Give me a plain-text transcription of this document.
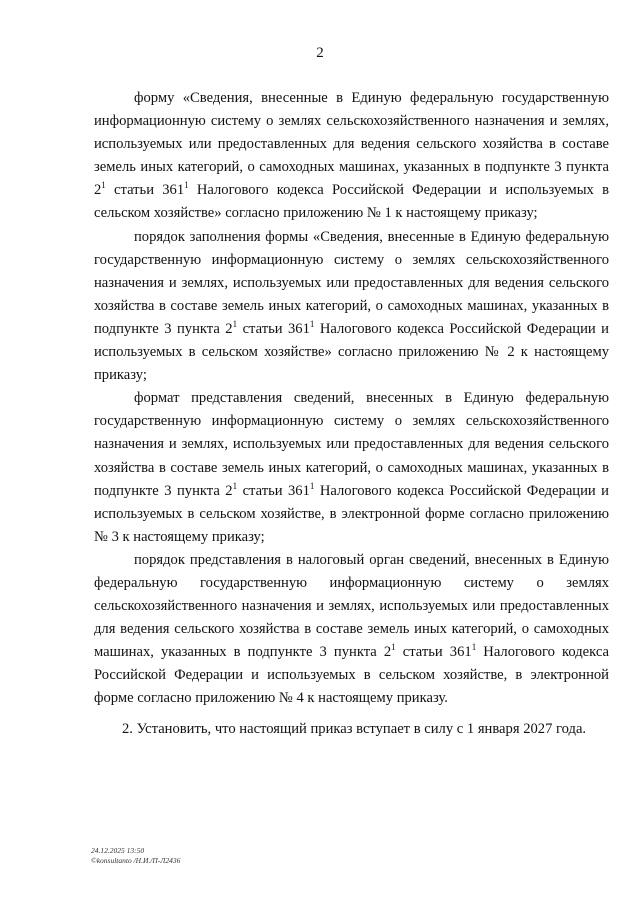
2

форму «Сведения, внесенные в Единую федеральную государственную информационную систему о землях сельскохозяйственного назначения и землях, используемых или предоставленных для ведения сельского хозяйства в составе земель иных категорий, о самоходных машинах, указанных в подпункте 3 пункта $2^1$ статьи $361^1$ Налогового кодекса Российской Федерации и используемых в сельском хозяйстве» согласно приложению № 1 к настоящему приказу;

порядок заполнения формы «Сведения, внесенные в Единую федеральную государственную информационную систему о землях сельскохозяйственного назначения и землях, используемых или предоставленных для ведения сельского хозяйства в составе земель иных категорий, о самоходных машинах, указанных в подпункте 3 пункта $2^1$ статьи $361^1$ Налогового кодекса Российской Федерации и используемых в сельском хозяйстве» согласно приложению № 2 к настоящему приказу;

формат представления сведений, внесенных в Единую федеральную государственную информационную систему о землях сельскохозяйственного назначения и землях, используемых или предоставленных для ведения сельского хозяйства в составе земель иных категорий, о самоходных машинах, указанных в подпункте 3 пункта $2^1$ статьи $361^1$ Налогового кодекса Российской Федерации и используемых в сельском хозяйстве, в электронной форме согласно приложению № 3 к настоящему приказу;

порядок представления в налоговый орган сведений, внесенных в Единую федеральную государственную информационную систему о землях сельскохозяйственного назначения и землях, используемых или предоставленных для ведения сельского хозяйства в составе земель иных категорий, о самоходных машинах, указанных в подпункте 3 пункта $2^1$ статьи $361^1$ Налогового кодекса Российской Федерации и используемых в сельском хозяйстве, в электронной форме согласно приложению № 4 к настоящему приказу.

2. Установить, что настоящий приказ вступает в силу с 1 января 2027 года.

24.12.2025 13:50
©konsultanto /Н.И./П-Л2436
